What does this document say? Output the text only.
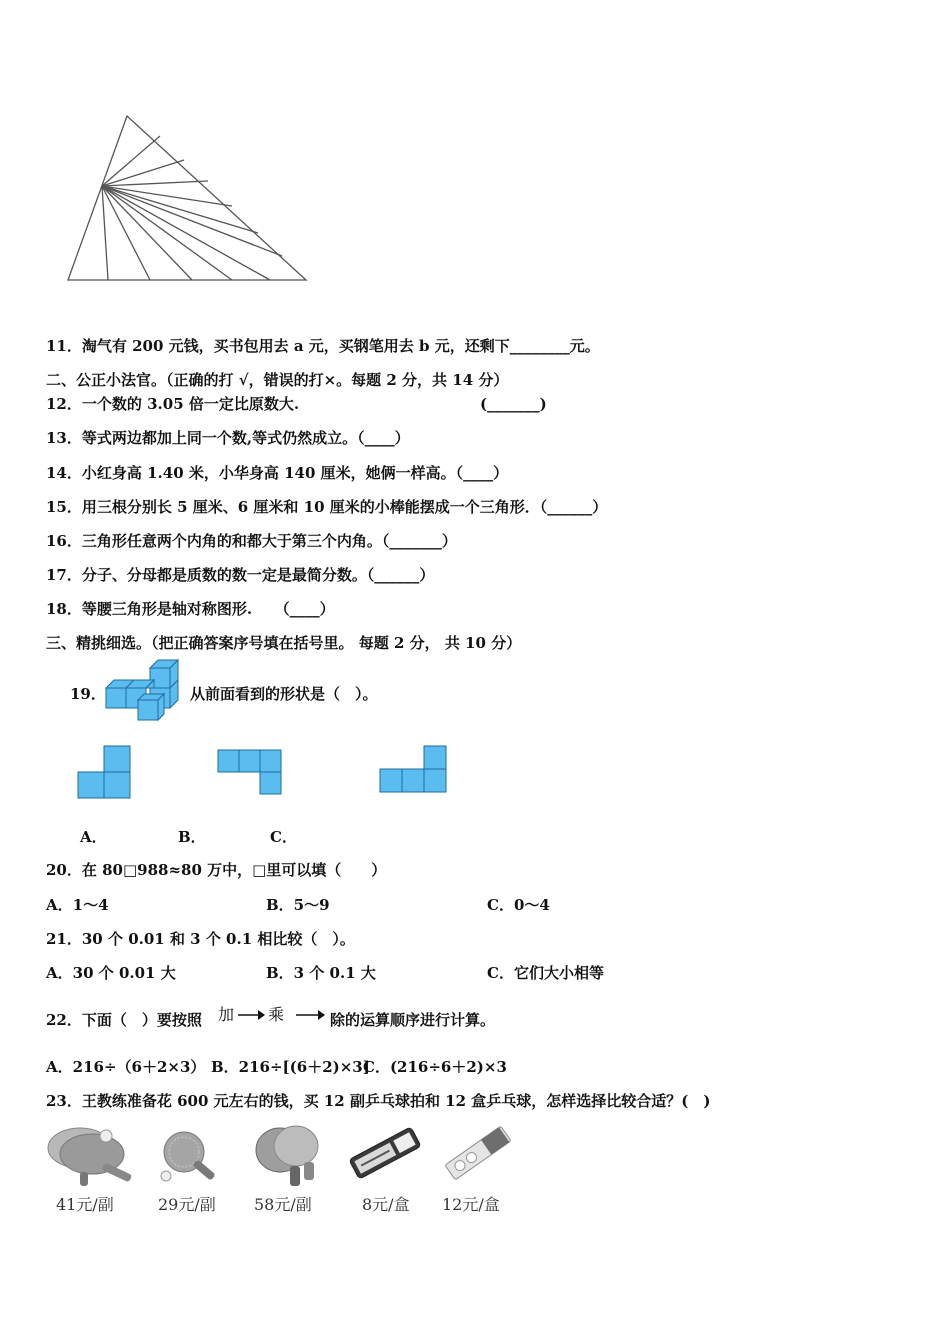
11．淘气有 200 元钱，买书包用去 a 元，买钢笔用去 b 元，还剩下________元。
二、公正小法官。（正确的打 √，错误的打×。每题 2 分，共 14 分）
12．一个数的 3.05 倍一定比原数大.	(_______)
13．等式两边都加上同一个数,等式仍然成立。（____）
14．小红身高 1.40 米，小华身高 140 厘米，她俩一样高。（____）
15．用三根分别长 5 厘米、6 厘米和 10 厘米的小棒能摆成一个三角形．（______）
16．三角形任意两个内角的和都大于第三个内角。（_______）
17．分子、分母都是质数的数一定是最简分数。（______）
18．等腰三角形是轴对称图形.　　（____）
三、精挑细选。（把正确答案序号填在括号里。 每题 2 分， 共 10 分）
19．	从前面看到的形状是（　）。
A．	B．	C．
20．在 80□988≈80 万中，□里可以填（　　）
A．1～4	B．5～9	C．0～4
21．30 个 0.01 和 3 个 0.1 相比较（　）。
A．30 个 0.01 大	B．3 个 0.1 大	C．它们大小相等
22．下面（　）要按照 加 乘	除的运算顺序进行计算。
A．216÷（6＋2×3） B．216÷[(6＋2)×3]
C．(216÷6＋2)×3
23．王教练准备花 600 元左右的钱，买 12 副乒乓球拍和 12 盒乒乓球，怎样选择比较合适？(　)
41元/副	29元/副 58元/副	8元/盒 12元/盒
